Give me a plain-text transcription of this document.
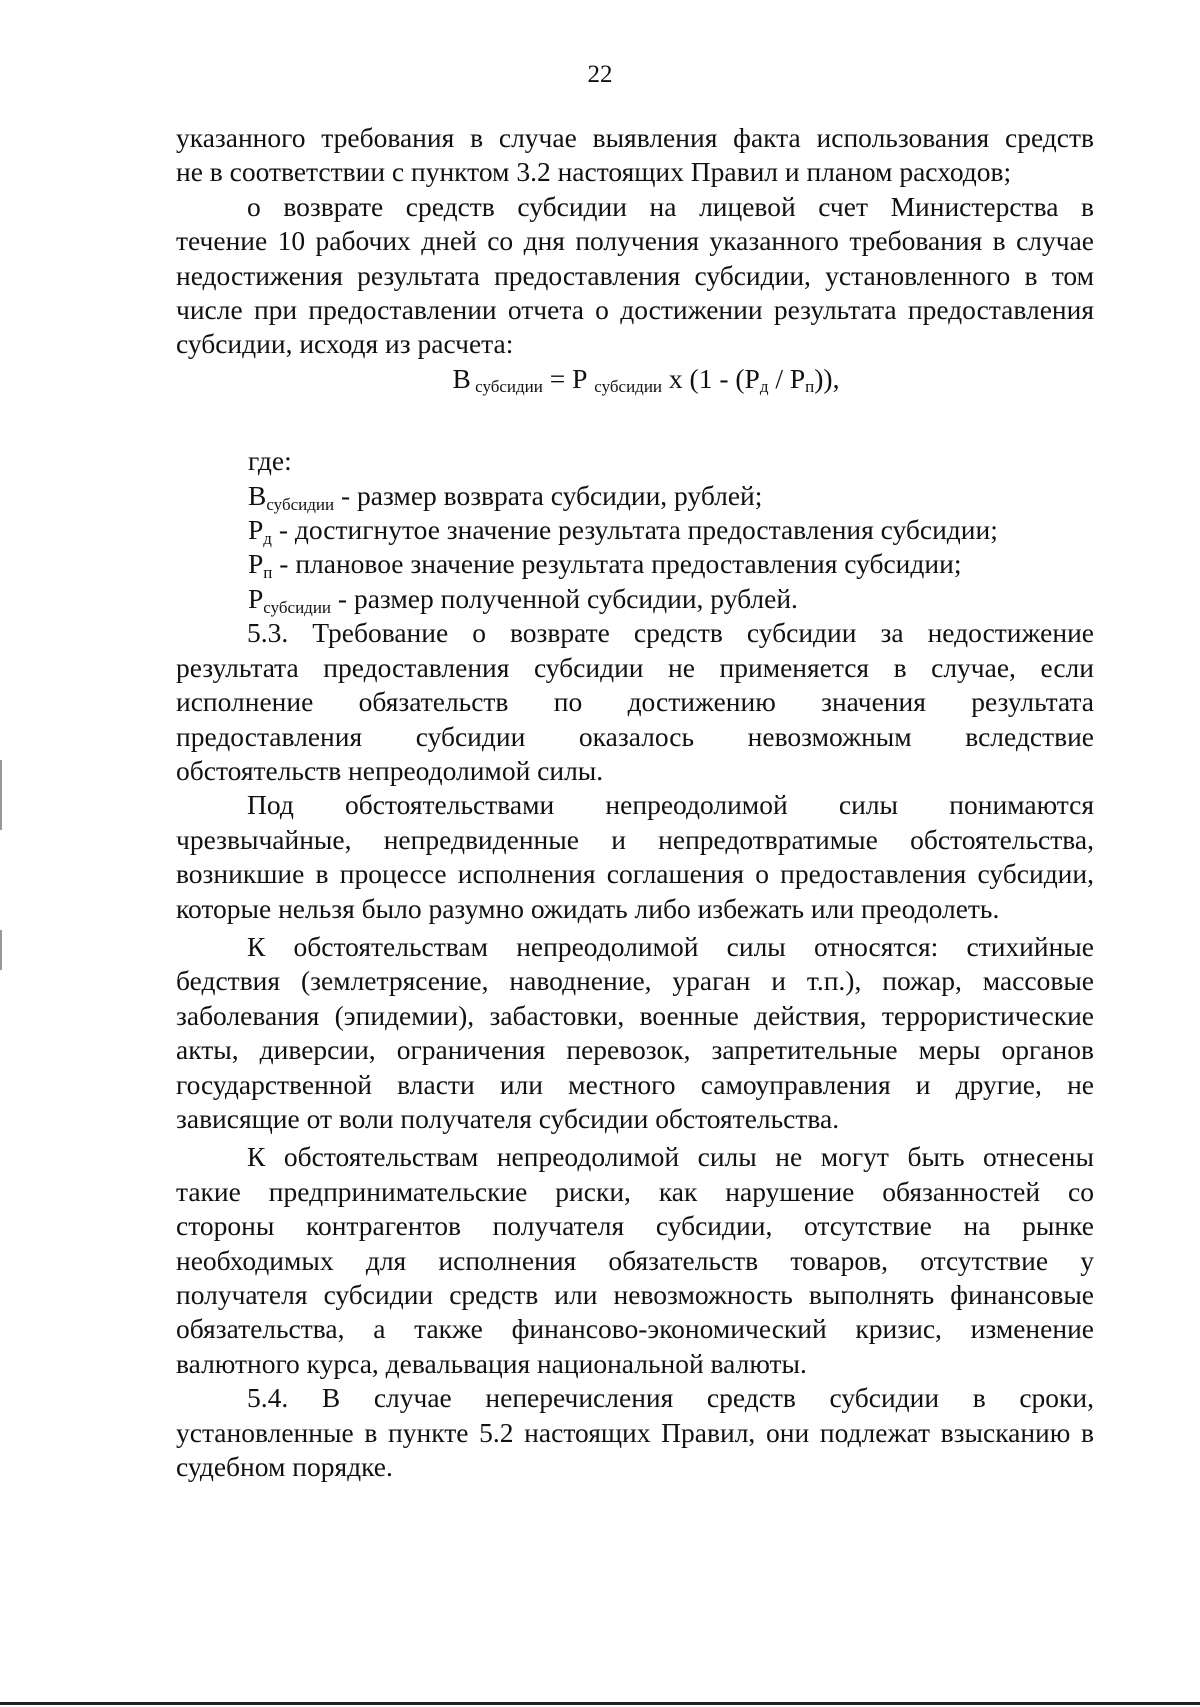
22

указанного требования в случае выявления факта использования средств
не в соответствии с пунктом 3.2 настоящих Правил и планом расходов;

о возврате средств субсидии на лицевой счет Министерства в
течение 10 рабочих дней со дня получения указанного требования в случае
недостижения результата предоставления субсидии, установленного в том
числе при предоставлении отчета о достижении результата предоставления
субсидии, исходя из расчета:

В $_{субсидии}$ = Р $_{субсидии}$ х $(1 - (Р_д / Р_п))$,

где:

$В_{субсидии}$ - размер возврата субсидии, рублей;

$Р_д$ - достигнутое значение результата предоставления субсидии;

$Р_п$ - плановое значение результата предоставления субсидии;

$Р_{субсидии}$ - размер полученной субсидии, рублей.

5.3. Требование о возврате средств субсидии за недостижение
результата предоставления субсидии не применяется в случае, если
исполнение обязательств по достижению значения результата
предоставления субсидии оказалось невозможным вследствие
обстоятельств непреодолимой силы.

Под обстоятельствами непреодолимой силы понимаются
чрезвычайные, непредвиденные и непредотвратимые обстоятельства,
возникшие в процессе исполнения соглашения о предоставления субсидии,
которые нельзя было разумно ожидать либо избежать или преодолеть.

К обстоятельствам непреодолимой силы относятся: стихийные
бедствия (землетрясение, наводнение, ураган и т.п.), пожар, массовые
заболевания (эпидемии), забастовки, военные действия, террористические
акты, диверсии, ограничения перевозок, запретительные меры органов
государственной власти или местного самоуправления и другие, не
зависящие от воли получателя субсидии обстоятельства.

К обстоятельствам непреодолимой силы не могут быть отнесены
такие предпринимательские риски, как нарушение обязанностей со
стороны контрагентов получателя субсидии, отсутствие на рынке
необходимых для исполнения обязательств товаров, отсутствие у
получателя субсидии средств или невозможность выполнять финансовые
обязательства, а также финансово-экономический кризис, изменение
валютного курса, девальвация национальной валюты.

5.4. В случае неперечисления средств субсидии в сроки,
установленные в пункте 5.2 настоящих Правил, они подлежат взысканию в
судебном порядке.
